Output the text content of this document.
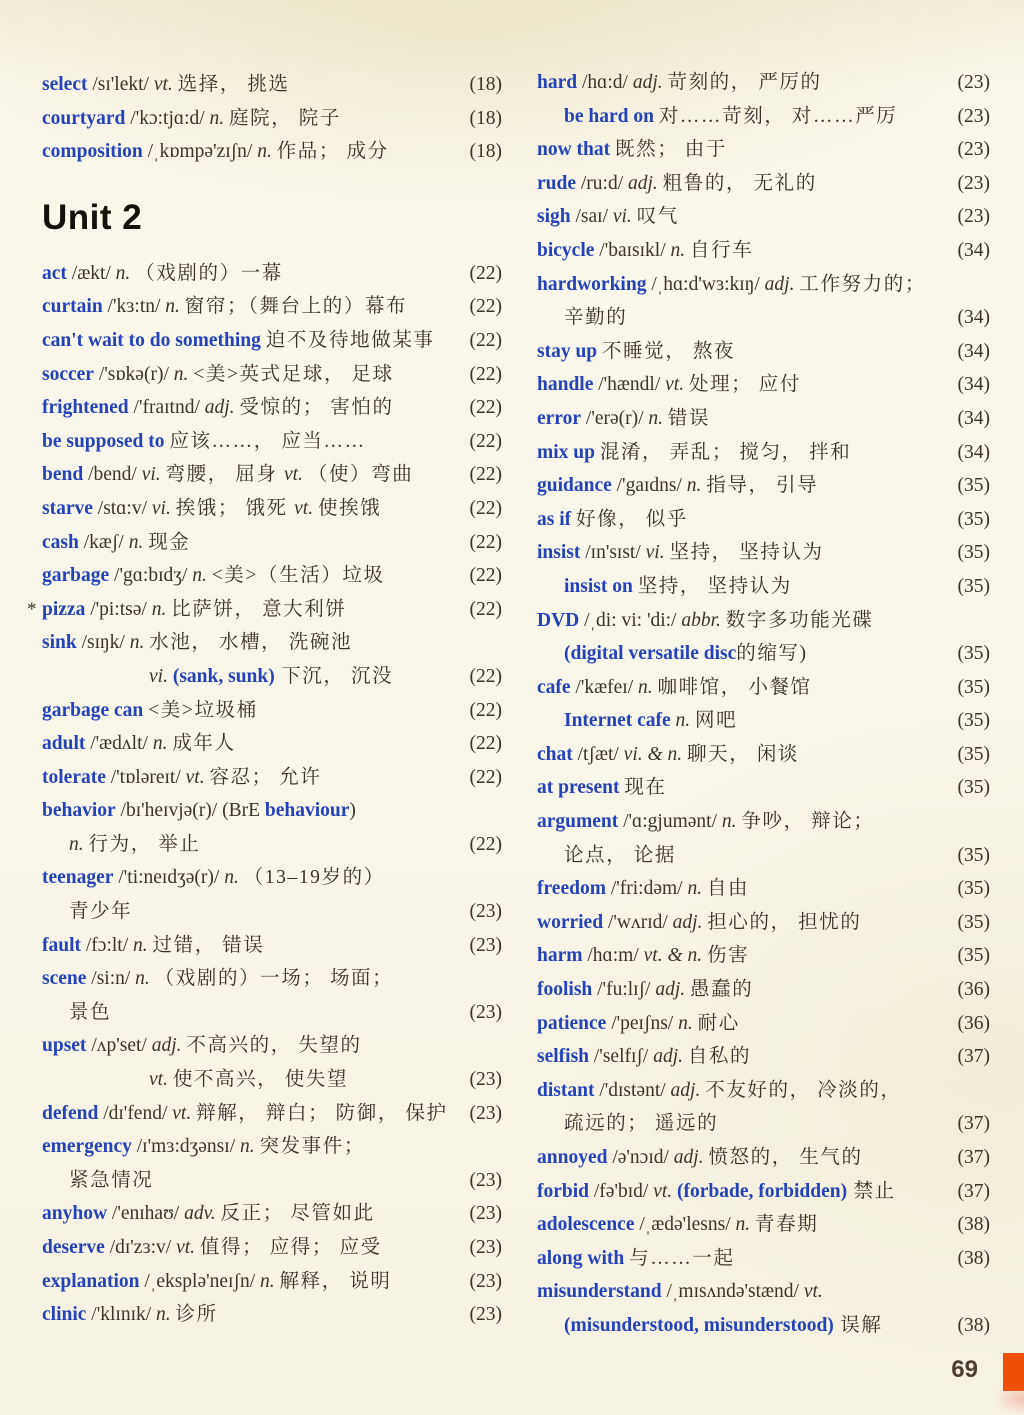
select /sɪ'lekt/ vt. 选择， 挑选	(18)
courtyard /'kɔ:tjɑ:d/ n. 庭院， 院子	(18)
composition /ˌkɒmpə'zɪʃn/ n. 作品； 成分	(18)
Unit 2
act /ækt/ n. （戏剧的）一幕	(22)
curtain /'kɜ:tn/ n. 窗帘；（舞台上的）幕布	(22)
can't wait to do something 迫不及待地做某事 (22)
soccer /'sɒkə(r)/ n. <美>英式足球， 足球	(22)
frightened /'fraɪtnd/ adj. 受惊的； 害怕的	(22)
be supposed to 应该……， 应当……	(22)
bend /bend/ vi. 弯腰， 屈身 vt. （使）弯曲	(22)
starve /stɑ:v/ vi. 挨饿； 饿死 vt. 使挨饿	(22)
cash /kæʃ/ n. 现金	(22)
garbage /'gɑ:bɪdʒ/ n. <美>（生活）垃圾	(22)
* pizza /'pi:tsə/ n. 比萨饼， 意大利饼	(22)
sink /sɪŋk/ n. 水池， 水槽， 洗碗池
vi. (sank, sunk) 下沉， 沉没	(22)
garbage can <美>垃圾桶	(22)
adult /'ædʌlt/ n. 成年人	(22)
tolerate /'tɒləreɪt/ vt. 容忍； 允许	(22)
behavior /bɪ'heɪvjə(r)/ (BrE behaviour)
n. 行为， 举止	(22)
teenager /'ti:neɪdʒə(r)/ n. （13–19岁的）
青少年	(23)
fault /fɔ:lt/ n. 过错， 错误	(23)
scene /si:n/ n. （戏剧的）一场； 场面；
景色	(23)
upset /ʌp'set/ adj. 不高兴的， 失望的
vt. 使不高兴， 使失望	(23)
defend /dɪ'fend/ vt. 辩解， 辩白； 防御， 保护 (23)
emergency /ɪ'mɜ:dʒənsɪ/ n. 突发事件；
紧急情况	(23)
anyhow /'enɪhaʊ/ adv. 反正； 尽管如此	(23)
deserve /dɪ'zɜ:v/ vt. 值得； 应得； 应受	(23)
explanation /ˌeksplə'neɪʃn/ n. 解释， 说明	(23)
clinic /'klɪnɪk/ n. 诊所	(23)
hard /hɑ:d/ adj. 苛刻的， 严厉的	(23)
be hard on 对……苛刻， 对……严厉	(23)
now that 既然； 由于	(23)
rude /ru:d/ adj. 粗鲁的， 无礼的	(23)
sigh /saɪ/ vi. 叹气	(23)
bicycle /'baɪsɪkl/ n. 自行车	(34)
hardworking /ˌhɑ:d'wɜ:kɪŋ/ adj. 工作努力的；
辛勤的	(34)
stay up 不睡觉， 熬夜	(34)
handle /'hændl/ vt. 处理； 应付	(34)
error /'erə(r)/ n. 错误	(34)
mix up 混淆， 弄乱； 搅匀， 拌和	(34)
guidance /'gaɪdns/ n. 指导， 引导	(35)
as if 好像， 似乎	(35)
insist /ɪn'sɪst/ vi. 坚持， 坚持认为	(35)
insist on 坚持， 坚持认为	(35)
DVD /ˌdi: vi: 'di:/ abbr. 数字多功能光碟
(digital versatile disc的缩写)	(35)
cafe /'kæfeɪ/ n. 咖啡馆， 小餐馆	(35)
Internet cafe n. 网吧	(35)
chat /tʃæt/ vi. & n. 聊天， 闲谈	(35)
at present 现在	(35)
argument /'ɑ:gjumənt/ n. 争吵， 辩论；
论点， 论据	(35)
freedom /'fri:dəm/ n. 自由	(35)
worried /'wʌrɪd/ adj. 担心的， 担忧的	(35)
harm /hɑ:m/ vt. & n. 伤害	(35)
foolish /'fu:lɪʃ/ adj. 愚蠢的	(36)
patience /'peɪʃns/ n. 耐心	(36)
selfish /'selfɪʃ/ adj. 自私的	(37)
distant /'dɪstənt/ adj. 不友好的， 冷淡的，
疏远的； 遥远的	(37)
annoyed /ə'nɔɪd/ adj. 愤怒的， 生气的	(37)
forbid /fə'bɪd/ vt. (forbade, forbidden) 禁止	(37)
adolescence /ˌædə'lesns/ n. 青春期	(38)
along with 与……一起	(38)
misunderstand /ˌmɪsʌndə'stænd/ vt.
(misunderstood, misunderstood) 误解	(38)
69
